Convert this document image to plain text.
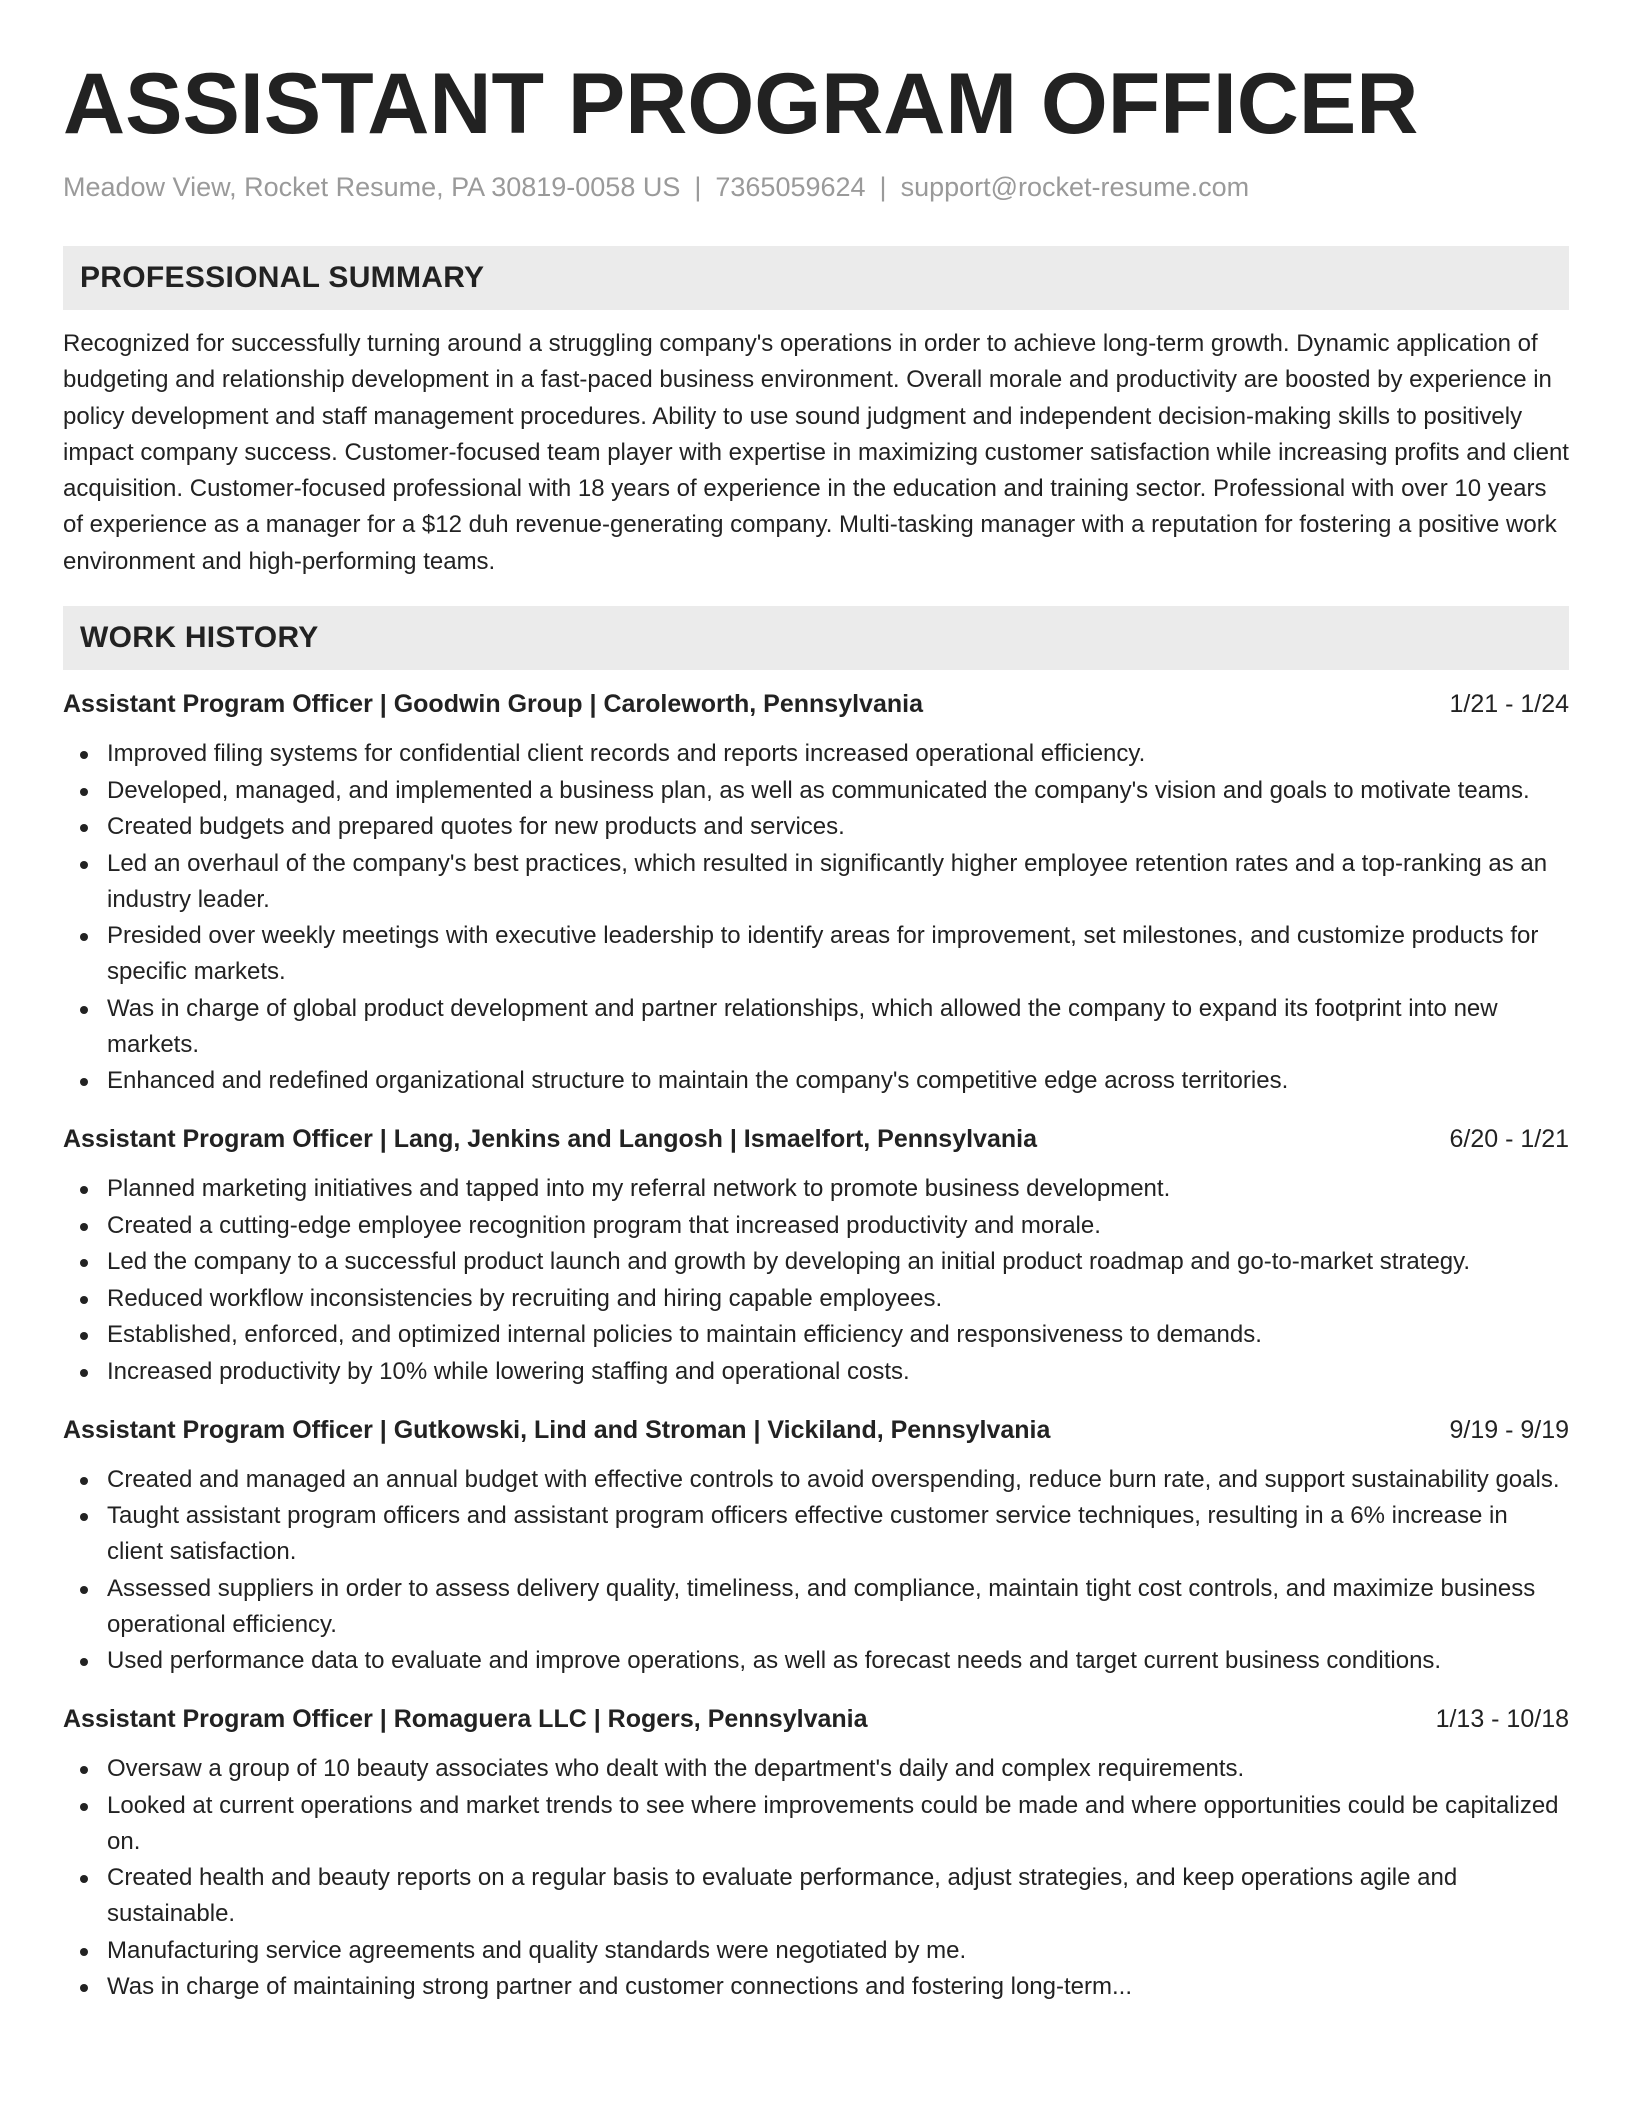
ASSISTANT PROGRAM OFFICER
Meadow View, Rocket Resume, PA 30819-0058 US | 7365059624 | support@rocket-resume.com
PROFESSIONAL SUMMARY
Recognized for successfully turning around a struggling company's operations in order to achieve long-term growth. Dynamic application of budgeting and relationship development in a fast-paced business environment. Overall morale and productivity are boosted by experience in policy development and staff management procedures. Ability to use sound judgment and independent decision-making skills to positively impact company success. Customer-focused team player with expertise in maximizing customer satisfaction while increasing profits and client acquisition. Customer-focused professional with 18 years of experience in the education and training sector. Professional with over 10 years of experience as a manager for a $12 duh revenue-generating company. Multi-tasking manager with a reputation for fostering a positive work environment and high-performing teams.
WORK HISTORY
Assistant Program Officer | Goodwin Group | Caroleworth, Pennsylvania	1/21 - 1/24
Improved filing systems for confidential client records and reports increased operational efficiency.
Developed, managed, and implemented a business plan, as well as communicated the company's vision and goals to motivate teams.
Created budgets and prepared quotes for new products and services.
Led an overhaul of the company's best practices, which resulted in significantly higher employee retention rates and a top-ranking as an industry leader.
Presided over weekly meetings with executive leadership to identify areas for improvement, set milestones, and customize products for specific markets.
Was in charge of global product development and partner relationships, which allowed the company to expand its footprint into new markets.
Enhanced and redefined organizational structure to maintain the company's competitive edge across territories.
Assistant Program Officer | Lang, Jenkins and Langosh | Ismaelfort, Pennsylvania	6/20 - 1/21
Planned marketing initiatives and tapped into my referral network to promote business development.
Created a cutting-edge employee recognition program that increased productivity and morale.
Led the company to a successful product launch and growth by developing an initial product roadmap and go-to-market strategy.
Reduced workflow inconsistencies by recruiting and hiring capable employees.
Established, enforced, and optimized internal policies to maintain efficiency and responsiveness to demands.
Increased productivity by 10% while lowering staffing and operational costs.
Assistant Program Officer | Gutkowski, Lind and Stroman | Vickiland, Pennsylvania	9/19 - 9/19
Created and managed an annual budget with effective controls to avoid overspending, reduce burn rate, and support sustainability goals.
Taught assistant program officers and assistant program officers effective customer service techniques, resulting in a 6% increase in client satisfaction.
Assessed suppliers in order to assess delivery quality, timeliness, and compliance, maintain tight cost controls, and maximize business operational efficiency.
Used performance data to evaluate and improve operations, as well as forecast needs and target current business conditions.
Assistant Program Officer | Romaguera LLC | Rogers, Pennsylvania	1/13 - 10/18
Oversaw a group of 10 beauty associates who dealt with the department's daily and complex requirements.
Looked at current operations and market trends to see where improvements could be made and where opportunities could be capitalized on.
Created health and beauty reports on a regular basis to evaluate performance, adjust strategies, and keep operations agile and sustainable.
Manufacturing service agreements and quality standards were negotiated by me.
Was in charge of maintaining strong partner and customer connections and fostering long-term...
